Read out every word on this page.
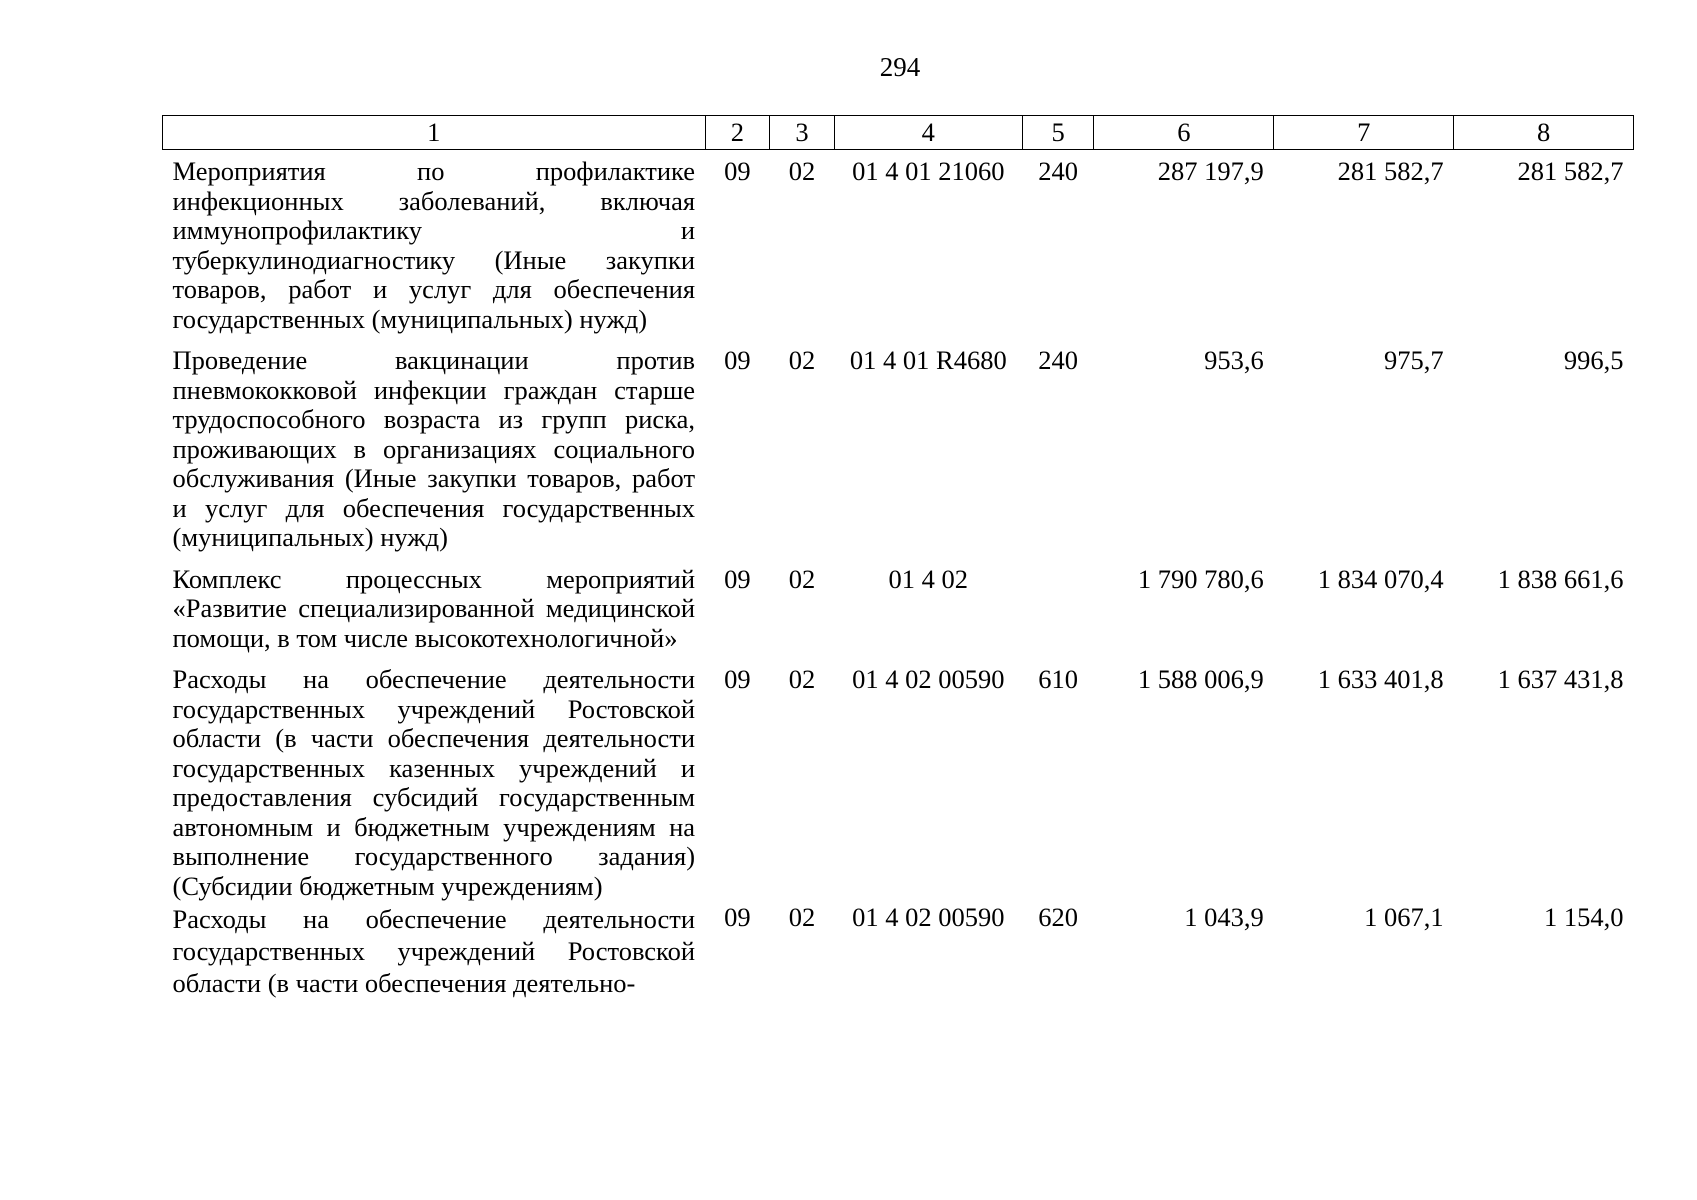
294
1	2	3	4	5	6	7	8
Мероприятия по профилактике инфекционных заболеваний, включая иммунопрофилактику и туберкулинодиагностику (Иные закупки товаров, работ и услуг для обеспечения государственных (муниципальных) нужд)	09	02	01 4 01 21060	240	287 197,9	281 582,7	281 582,7
Проведение вакцинации против пневмококковой инфекции граждан старше трудоспособного возраста из групп риска, проживающих в организациях социального обслуживания (Иные закупки товаров, работ и услуг для обеспечения государственных (муниципальных) нужд)	09	02	01 4 01 R4680	240	953,6	975,7	996,5
Комплекс процессных мероприятий «Развитие специализированной медицинской помощи, в том числе высокотехнологичной»	09	02	01 4 02		1 790 780,6	1 834 070,4	1 838 661,6
Расходы на обеспечение деятельности государственных учреждений Ростовской области (в части обеспечения деятельности государственных казенных учреждений и предоставления субсидий государственным автономным и бюджетным учреждениям на выполнение государственного задания) (Субсидии бюджетным учреждениям)	09	02	01 4 02 00590	610	1 588 006,9	1 633 401,8	1 637 431,8
Расходы на обеспечение деятельности государственных учреждений Ростовской области (в части обеспечения деятельно-	09	02	01 4 02 00590	620	1 043,9	1 067,1	1 154,0
